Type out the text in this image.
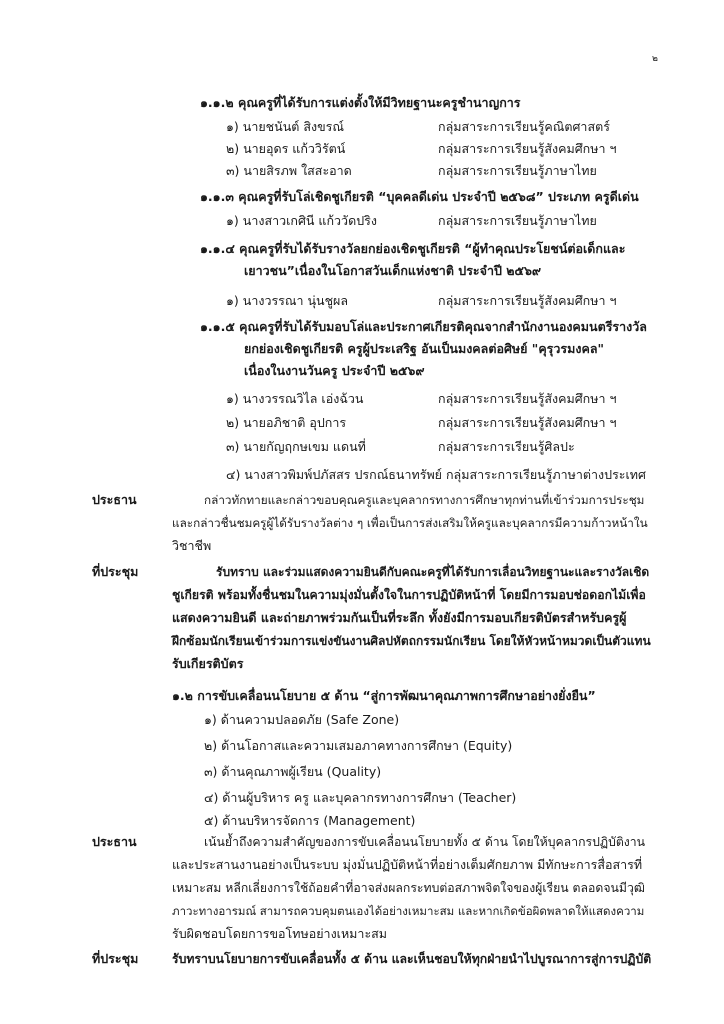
๒
๑.๑.๒ คุณครูที่ได้รับการแต่งตั้งให้มีวิทยฐานะครูชำนาญการ
๑) นายชนันต์ สิงขรณ์	กลุ่มสาระการเรียนรู้คณิตศาสตร์
๒) นายอุดร แก้ววิรัตน์	กลุ่มสาระการเรียนรู้สังคมศึกษา ฯ
๓) นายสิรภพ ใสสะอาด	กลุ่มสาระการเรียนรู้ภาษาไทย
๑.๑.๓ คุณครูที่รับโล่เชิดชูเกียรติ “บุคคลดีเด่น ประจำปี ๒๕๖๘” ประเภท ครูดีเด่น
๑) นางสาวเกศินี แก้ววัดปริง	กลุ่มสาระการเรียนรู้ภาษาไทย
๑.๑.๔ คุณครูที่รับได้รับรางวัลยกย่องเชิดชูเกียรติ “ผู้ทำคุณประโยชน์ต่อเด็กและ
เยาวชน”เนื่องในโอกาสวันเด็กแห่งชาติ ประจำปี ๒๕๖๙
๑) นางวรรณา นุ่นชูผล	กลุ่มสาระการเรียนรู้สังคมศึกษา ฯ
๑.๑.๕ คุณครูที่รับได้รับมอบโล่และประกาศเกียรติคุณจากสำนักงานองคมนตรีรางวัล
ยกย่องเชิดชูเกียรติ ครูผู้ประเสริฐ อันเป็นมงคลต่อศิษย์ "คุรุวรมงคล"
เนื่องในงานวันครู ประจำปี ๒๕๖๙
๑) นางวรรณวิไล เอ่งฉ้วน	กลุ่มสาระการเรียนรู้สังคมศึกษา ฯ
๒) นายอภิชาติ อุปการ	กลุ่มสาระการเรียนรู้สังคมศึกษา ฯ
๓) นายกัญฤกษเขม แดนที่	กลุ่มสาระการเรียนรู้ศิลปะ
๔) นางสาวพิมพ์ปภัสสร ปรกณ์ธนาทรัพย์ กลุ่มสาระการเรียนรู้ภาษาต่างประเทศ
ประธาน	กล่าวทักทายและกล่าวขอบคุณครูและบุคลากรทางการศึกษาทุกท่านที่เข้าร่วมการประชุม
และกล่าวชื่นชมครูผู้ได้รับรางวัลต่าง ๆ เพื่อเป็นการส่งเสริมให้ครูและบุคลากรมีความก้าวหน้าใน
วิชาชีพ
ที่ประชุม	รับทราบ และร่วมแสดงความยินดีกับคณะครูที่ได้รับการเลื่อนวิทยฐานะและรางวัลเชิด
ชูเกียรติ พร้อมทั้งชื่นชมในความมุ่งมั่นตั้งใจในการปฏิบัติหน้าที่ โดยมีการมอบช่อดอกไม้เพื่อ
แสดงความยินดี และถ่ายภาพร่วมกันเป็นที่ระลึก ทั้งยังมีการมอบเกียรติบัตรสำหรับครูผู้
ฝึกซ้อมนักเรียนเข้าร่วมการแข่งขันงานศิลปหัตถกรรมนักเรียน โดยให้หัวหน้าหมวดเป็นตัวแทน
รับเกียรติบัตร
๑.๒ การขับเคลื่อนนโยบาย ๕ ด้าน “สู่การพัฒนาคุณภาพการศึกษาอย่างยั่งยืน”
๑) ด้านความปลอดภัย (Safe Zone)
๒) ด้านโอกาสและความเสมอภาคทางการศึกษา (Equity)
๓) ด้านคุณภาพผู้เรียน (Quality)
๔) ด้านผู้บริหาร ครู และบุคลากรทางการศึกษา (Teacher)
๕) ด้านบริหารจัดการ (Management)
ประธาน	เน้นย้ำถึงความสำคัญของการขับเคลื่อนนโยบายทั้ง ๕ ด้าน โดยให้บุคลากรปฏิบัติงาน
และประสานงานอย่างเป็นระบบ มุ่งมั่นปฏิบัติหน้าที่อย่างเต็มศักยภาพ มีทักษะการสื่อสารที่
เหมาะสม หลีกเลี่ยงการใช้ถ้อยคำที่อาจส่งผลกระทบต่อสภาพจิตใจของผู้เรียน ตลอดจนมีวุฒิ
ภาวะทางอารมณ์ สามารถควบคุมตนเองได้อย่างเหมาะสม และหากเกิดข้อผิดพลาดให้แสดงความ
รับผิดชอบโดยการขอโทษอย่างเหมาะสม
ที่ประชุม	รับทราบนโยบายการขับเคลื่อนทั้ง ๕ ด้าน และเห็นชอบให้ทุกฝ่ายนำไปบูรณาการสู่การปฏิบัติ
